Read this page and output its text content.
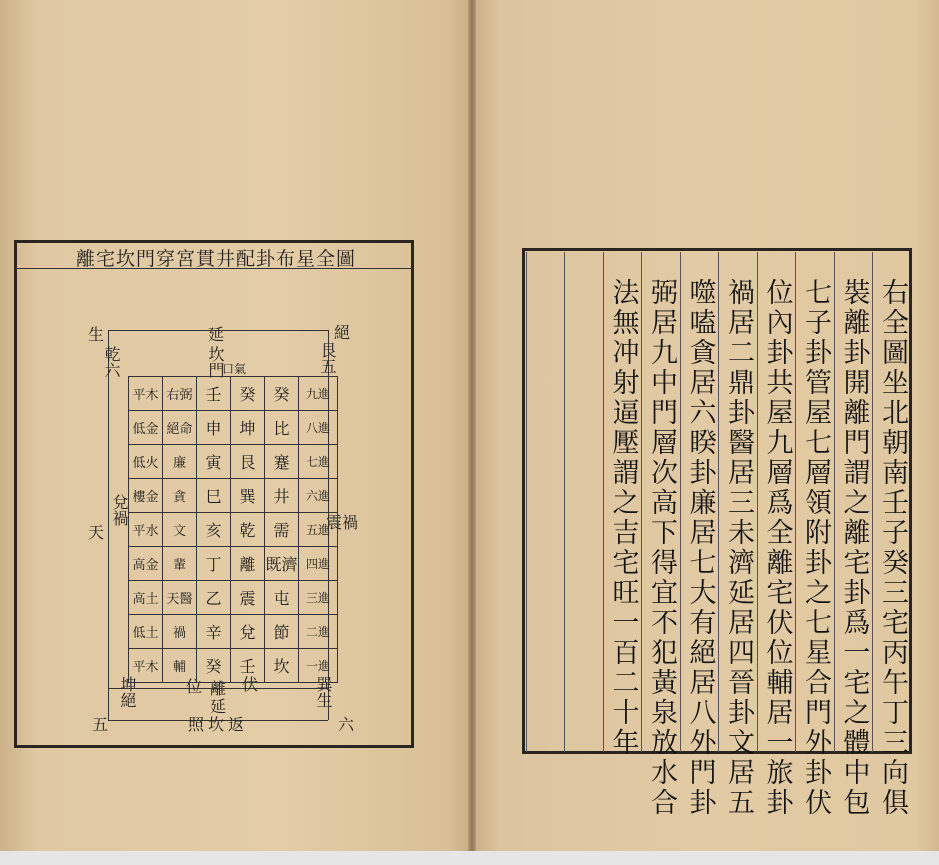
離宅坎門穿宮貫井配卦布星全圖
生	絕
延
乾六	艮五
震禍
兌禍
天
坤絕	巽生
位 伏
離
延
五	六
照坎返
坎門
口氣
平木	右弼	壬	癸	癸	九進
低金	絕命	申	坤	比	八進
低火	廉	寅	艮	蹇	七進
樓金	貪	巳	巽	井	六進
平水	文	亥	乾	需	五進
高金	輩	丁	離	既濟	四進
高土	天醫	乙	震	屯	三進
低土	禍	辛	兌	節	二進
平木	輔	癸	壬	坎	一進	右全圖坐北朝南壬子癸三宅丙午丁三向俱
裝離卦開離門謂之離宅卦爲一宅之體中包
七子卦管屋七層領附卦之七星合門外卦伏
位內卦共屋九層爲全離宅伏位輔居一旅卦
禍居二鼎卦醫居三未濟延居四晉卦文居五
噬嗑貪居六睽卦廉居七大有絕居八外門卦
弼居九中門層次高下得宜不犯黃泉放水合
法無冲射逼壓謂之吉宅旺一百二十年
